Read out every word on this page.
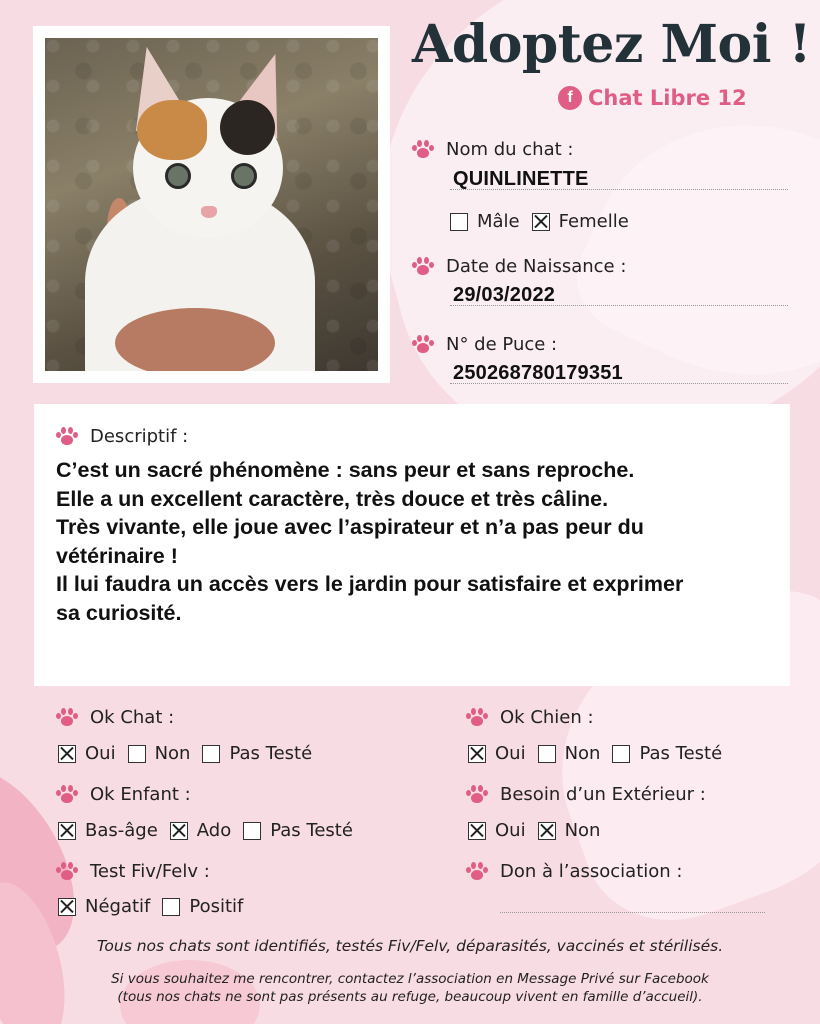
Adoptez Moi !
f Chat Libre 12
Nom du chat :
QUINLINETTE
Mâle Femelle
Date de Naissance :
29/03/2022
N° de Puce :
250268780179351
Descriptif :
C’est un sacré phénomène : sans peur et sans reproche.
Elle a un excellent caractère, très douce et très câline.
Très vivante, elle joue avec l’aspirateur et n’a pas peur du
vétérinaire !
Il lui faudra un accès vers le jardin pour satisfaire et exprimer
sa curiosité.
Ok Chat :
Oui Non Pas Testé
Ok Chien :
Oui Non Pas Testé
Ok Enfant :
Bas-âge Ado Pas Testé
Besoin d’un Extérieur :
Oui Non
Test Fiv/Felv :
Négatif Positif
Don à l’association :
Tous nos chats sont identifiés, testés Fiv/Felv, déparasités, vaccinés et stérilisés.
Si vous souhaitez me rencontrer, contactez l’association en Message Privé sur Facebook
(tous nos chats ne sont pas présents au refuge, beaucoup vivent en famille d’accueil).
